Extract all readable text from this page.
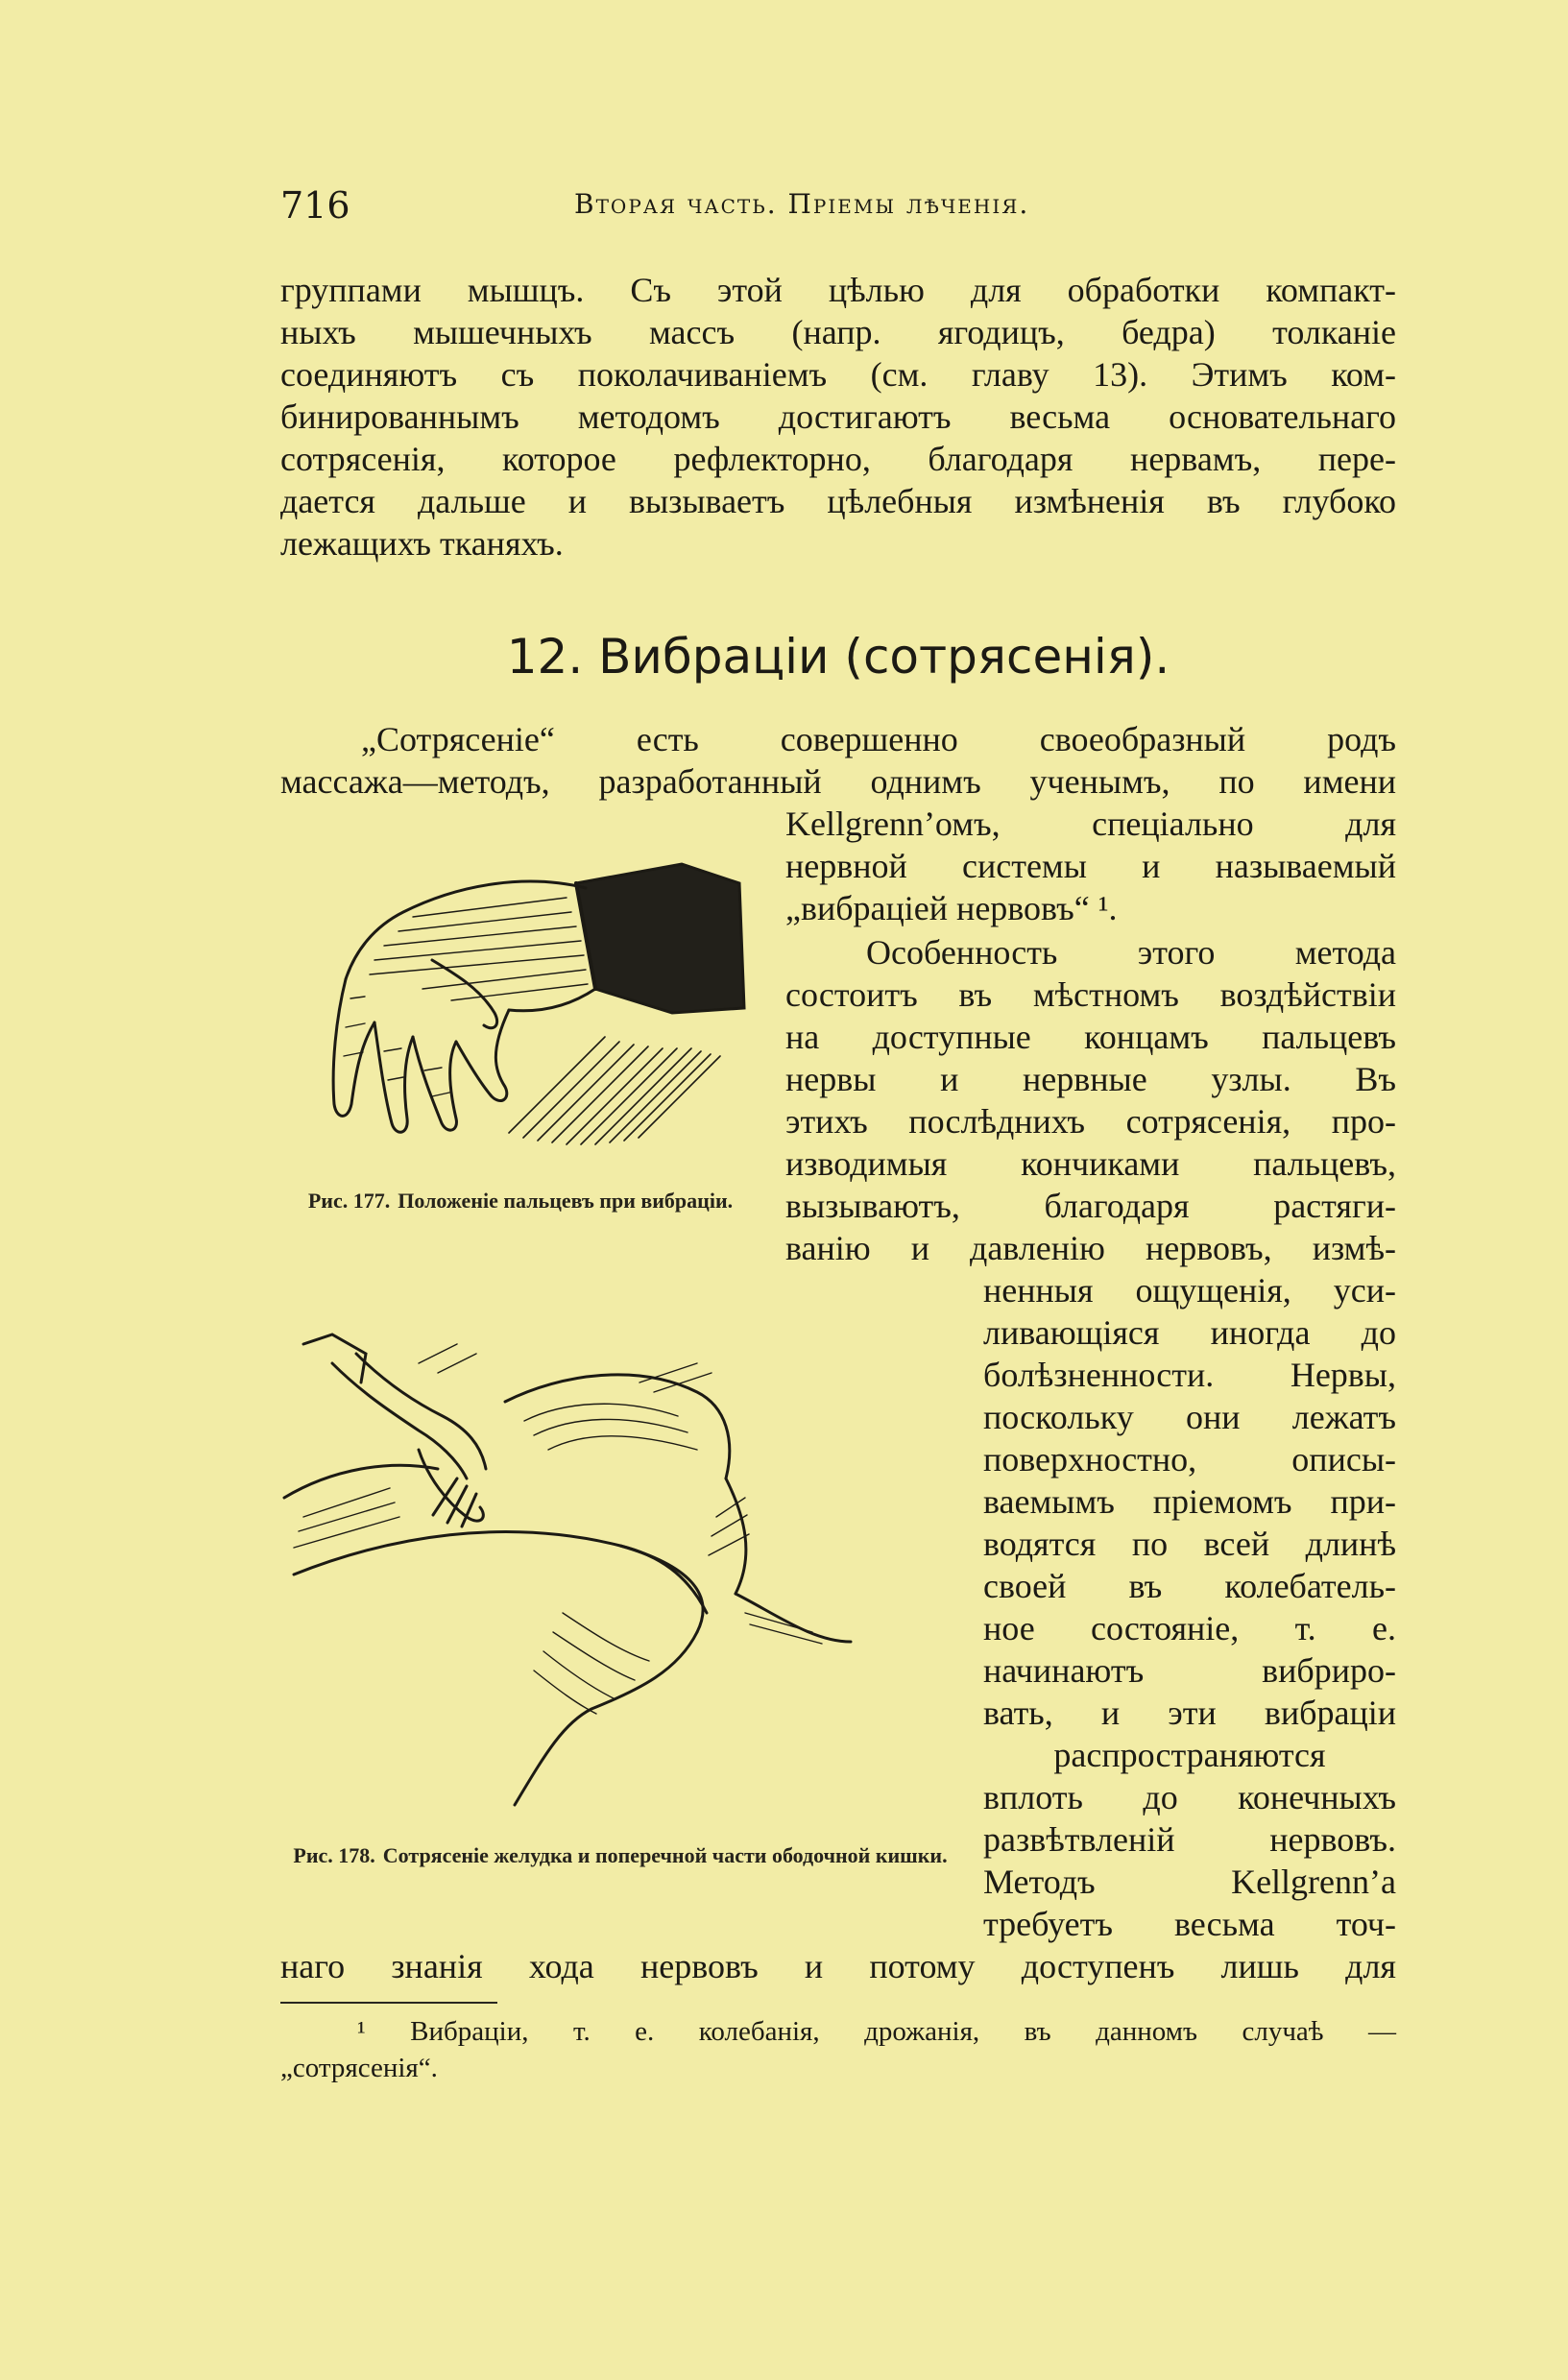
716	Вторая часть. Пріемы лѣченія.
группами мышцъ. Съ этой цѣлью для обработки компакт-
ныхъ мышечныхъ массъ (напр. ягодицъ, бедра) толканіе
соединяютъ съ поколачиваніемъ (см. главу 13). Этимъ ком-
бинированнымъ методомъ достигаютъ весьма основательнаго
сотрясенія, которое рефлекторно, благодаря нервамъ, пере-
дается дальше и вызываетъ цѣлебныя измѣненія въ глубоко
лежащихъ тканяхъ.
12. Вибраціи (сотрясенія).
„Сотрясеніе“ есть совершенно своеобразный родъ
массажа—методъ, разработанный однимъ ученымъ, по имени
Kellgrenn’омъ, спеціально для
нервной системы и называемый
„вибраціей нервовъ“ ¹.
Особенность этого метода
состоитъ въ мѣстномъ воздѣйствіи
на доступные концамъ пальцевъ
нервы и нервные узлы. Въ
этихъ послѣднихъ сотрясенія, про-
изводимыя кончиками пальцевъ,
вызываютъ, благодаря растяги-
ванію и давленію нервовъ, измѣ-
ненныя ощущенія, уси-
ливающіяся иногда до
болѣзненности. Нервы,
поскольку они лежатъ
поверхностно, описы-
ваемымъ пріемомъ при-
водятся по всей длинѣ
своей въ колебатель-
ное состояніе, т. е.
начинаютъ вибриро-
вать, и эти вибраціи
распространяются
вплоть до конечныхъ
развѣтвленій нервовъ.
Методъ Kellgrenn’a
требуетъ весьма точ-
наго знанія хода нервовъ и потому доступенъ лишь для
Рис. 177. Положеніе пальцевъ при вибраціи.
Рис. 178. Сотрясеніе желудка и поперечной части ободочной кишки.
¹ Вибраціи, т. е. колебанія, дрожанія, въ данномъ случаѣ —
„сотрясенія“.
